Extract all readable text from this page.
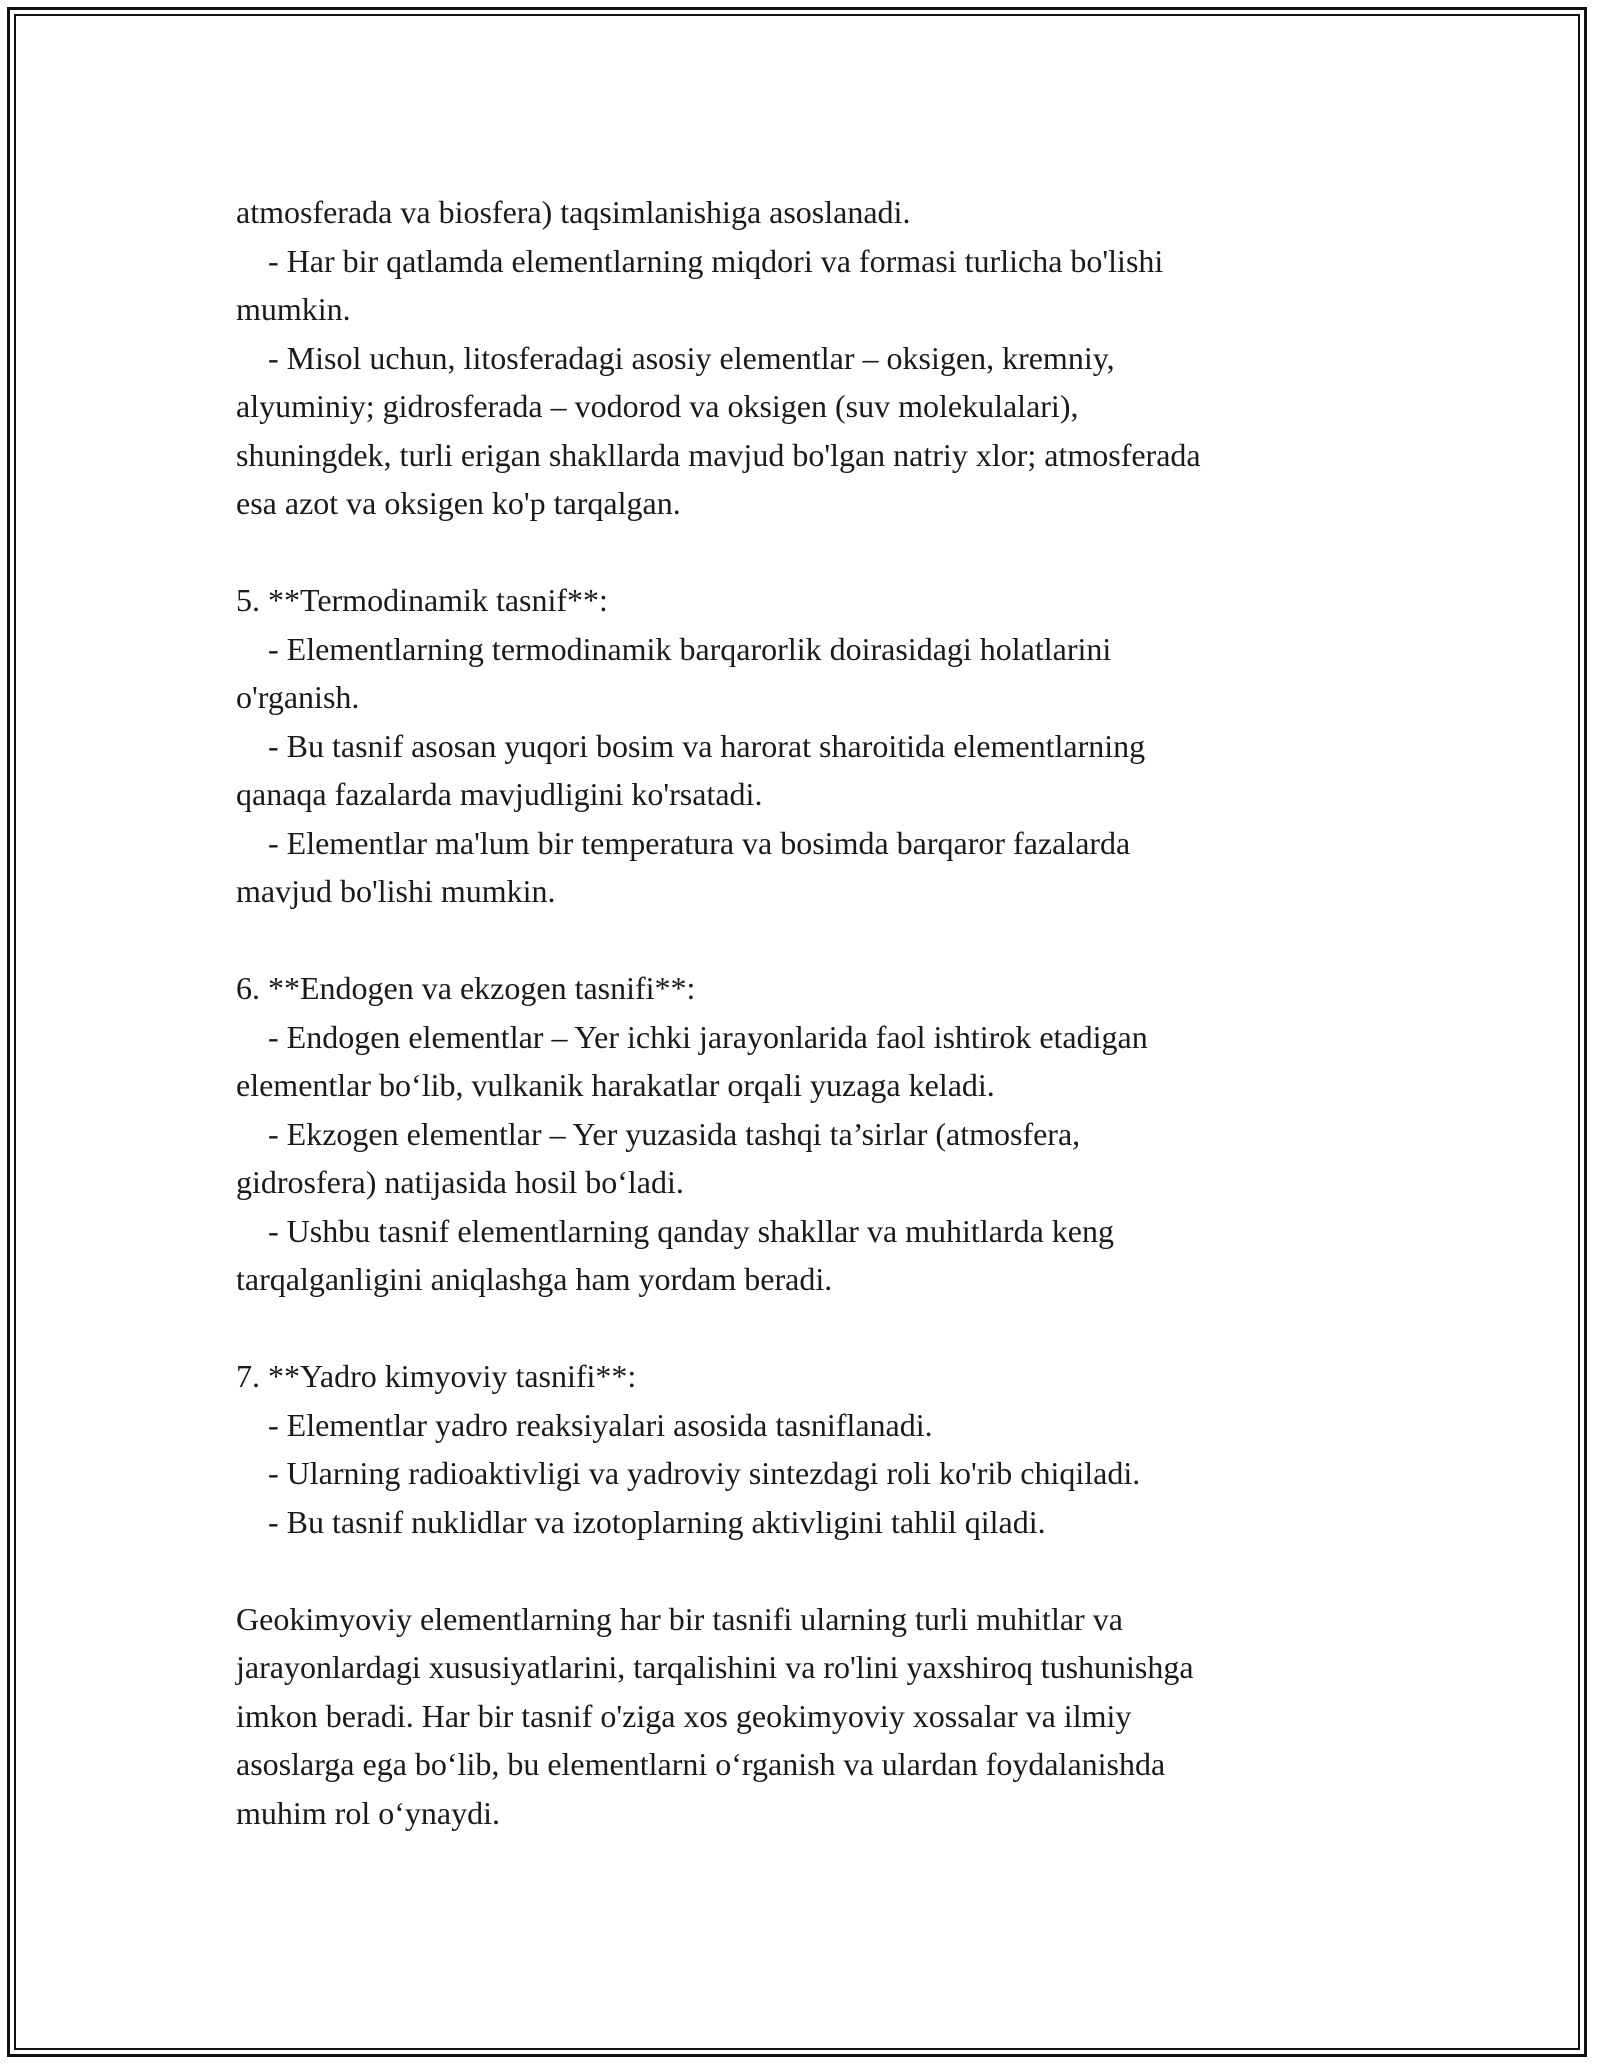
atmosferada va biosfera) taqsimlanishiga asoslanadi.
- Har bir qatlamda elementlarning miqdori va formasi turlicha bo'lishi
mumkin.
- Misol uchun, litosferadagi asosiy elementlar – oksigen, kremniy,
alyuminiy; gidrosferada – vodorod va oksigen (suv molekulalari),
shuningdek, turli erigan shakllarda mavjud bo'lgan natriy xlor; atmosferada
esa azot va oksigen ko'p tarqalgan.
5. **Termodinamik tasnif**:
- Elementlarning termodinamik barqarorlik doirasidagi holatlarini
o'rganish.
- Bu tasnif asosan yuqori bosim va harorat sharoitida elementlarning
qanaqa fazalarda mavjudligini ko'rsatadi.
- Elementlar ma'lum bir temperatura va bosimda barqaror fazalarda
mavjud bo'lishi mumkin.
6. **Endogen va ekzogen tasnifi**:
- Endogen elementlar – Yer ichki jarayonlarida faol ishtirok etadigan
elementlar bo‘lib, vulkanik harakatlar orqali yuzaga keladi.
- Ekzogen elementlar – Yer yuzasida tashqi ta’sirlar (atmosfera,
gidrosfera) natijasida hosil bo‘ladi.
- Ushbu tasnif elementlarning qanday shakllar va muhitlarda keng
tarqalganligini aniqlashga ham yordam beradi.
7. **Yadro kimyoviy tasnifi**:
- Elementlar yadro reaksiyalari asosida tasniflanadi.
- Ularning radioaktivligi va yadroviy sintezdagi roli ko'rib chiqiladi.
- Bu tasnif nuklidlar va izotoplarning aktivligini tahlil qiladi.
Geokimyoviy elementlarning har bir tasnifi ularning turli muhitlar va
jarayonlardagi xususiyatlarini, tarqalishini va ro'lini yaxshiroq tushunishga
imkon beradi. Har bir tasnif o'ziga xos geokimyoviy xossalar va ilmiy
asoslarga ega bo‘lib, bu elementlarni o‘rganish va ulardan foydalanishda
muhim rol o‘ynaydi.
